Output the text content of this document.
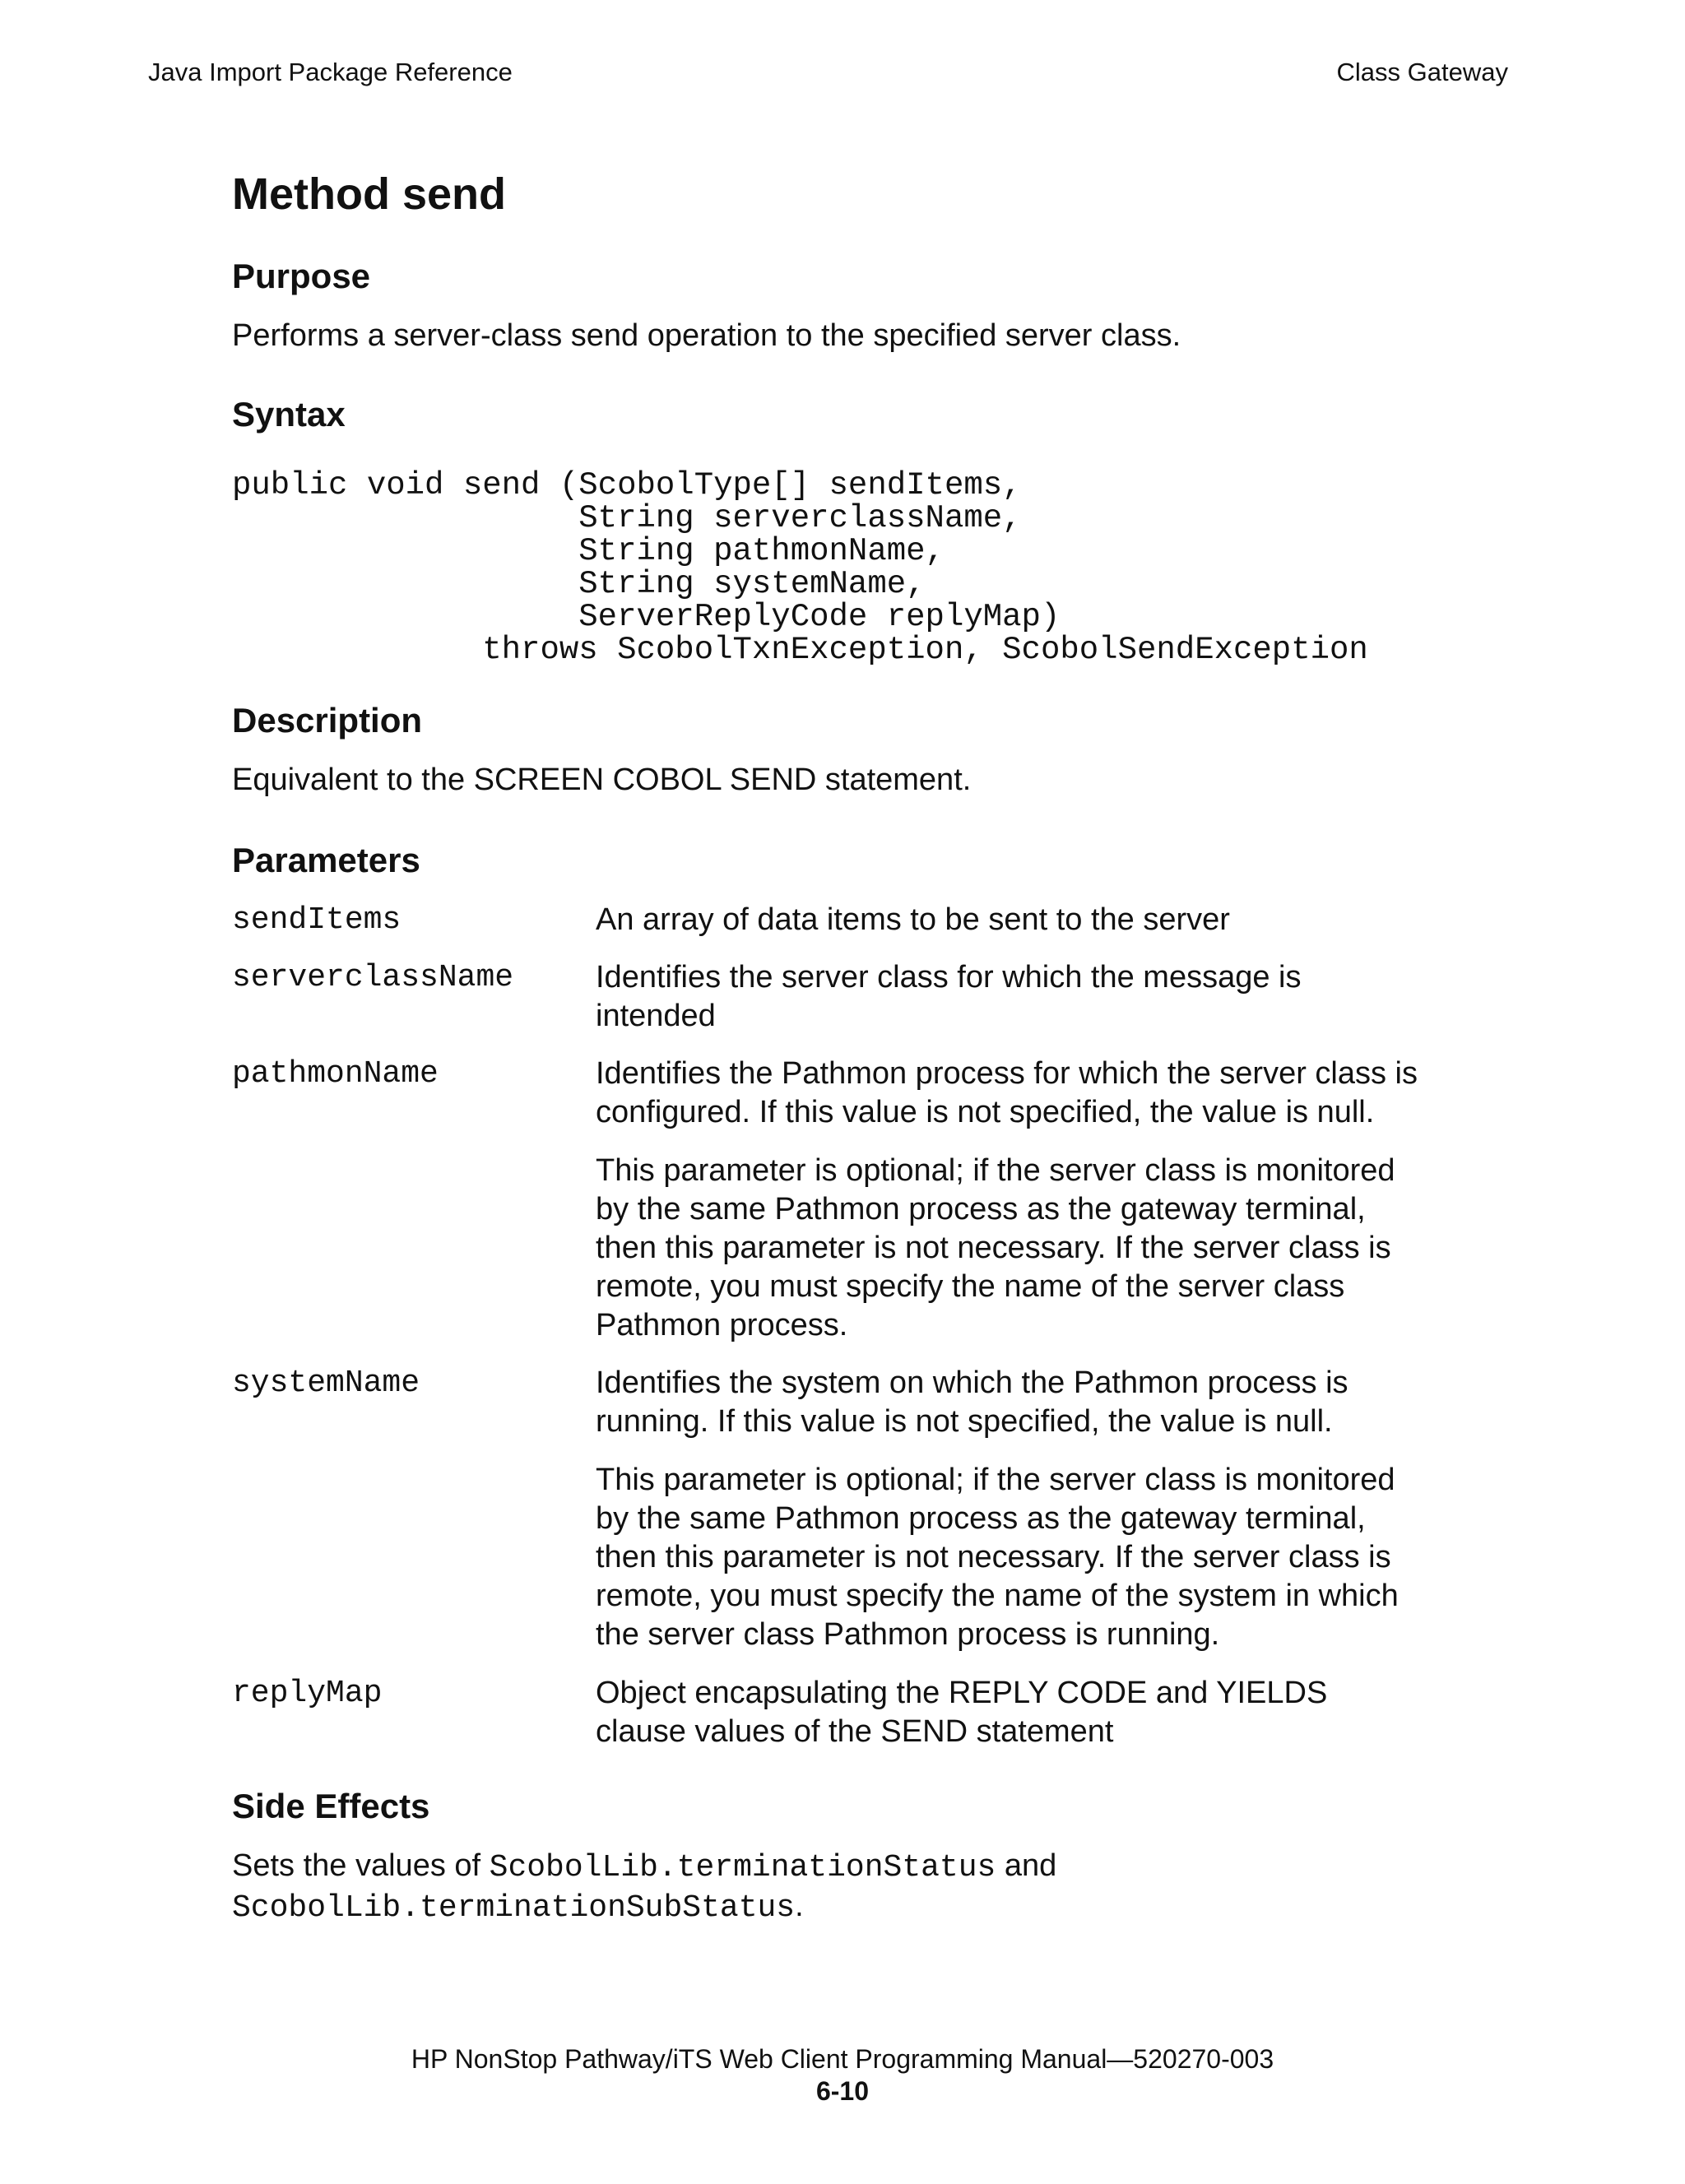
Java Import Package Reference	Class Gateway
Method send
Purpose
Performs a server-class send operation to the specified server class.
Syntax
public void send (ScobolType[] sendItems,
String serverclassName,
String pathmonName,
String systemName,
ServerReplyCode replyMap)
throws ScobolTxnException, ScobolSendException
Description
Equivalent to the SCREEN COBOL SEND statement.
Parameters
sendItems	An array of data items to be sent to the server
serverclassName	Identifies the server class for which the message is
intended
pathmonName	Identifies the Pathmon process for which the server class is
configured. If this value is not specified, the value is null.
This parameter is optional; if the server class is monitored
by the same Pathmon process as the gateway terminal,
then this parameter is not necessary. If the server class is
remote, you must specify the name of the server class
Pathmon process.
systemName	Identifies the system on which the Pathmon process is
running. If this value is not specified, the value is null.
This parameter is optional; if the server class is monitored
by the same Pathmon process as the gateway terminal,
then this parameter is not necessary. If the server class is
remote, you must specify the name of the system in which
the server class Pathmon process is running.
replyMap	Object encapsulating the REPLY CODE and YIELDS
clause values of the SEND statement
Side Effects
Sets the values of ScobolLib.terminationStatus and
ScobolLib.terminationSubStatus.
HP NonStop Pathway/iTS Web Client Programming Manual—520270-003
6-10
